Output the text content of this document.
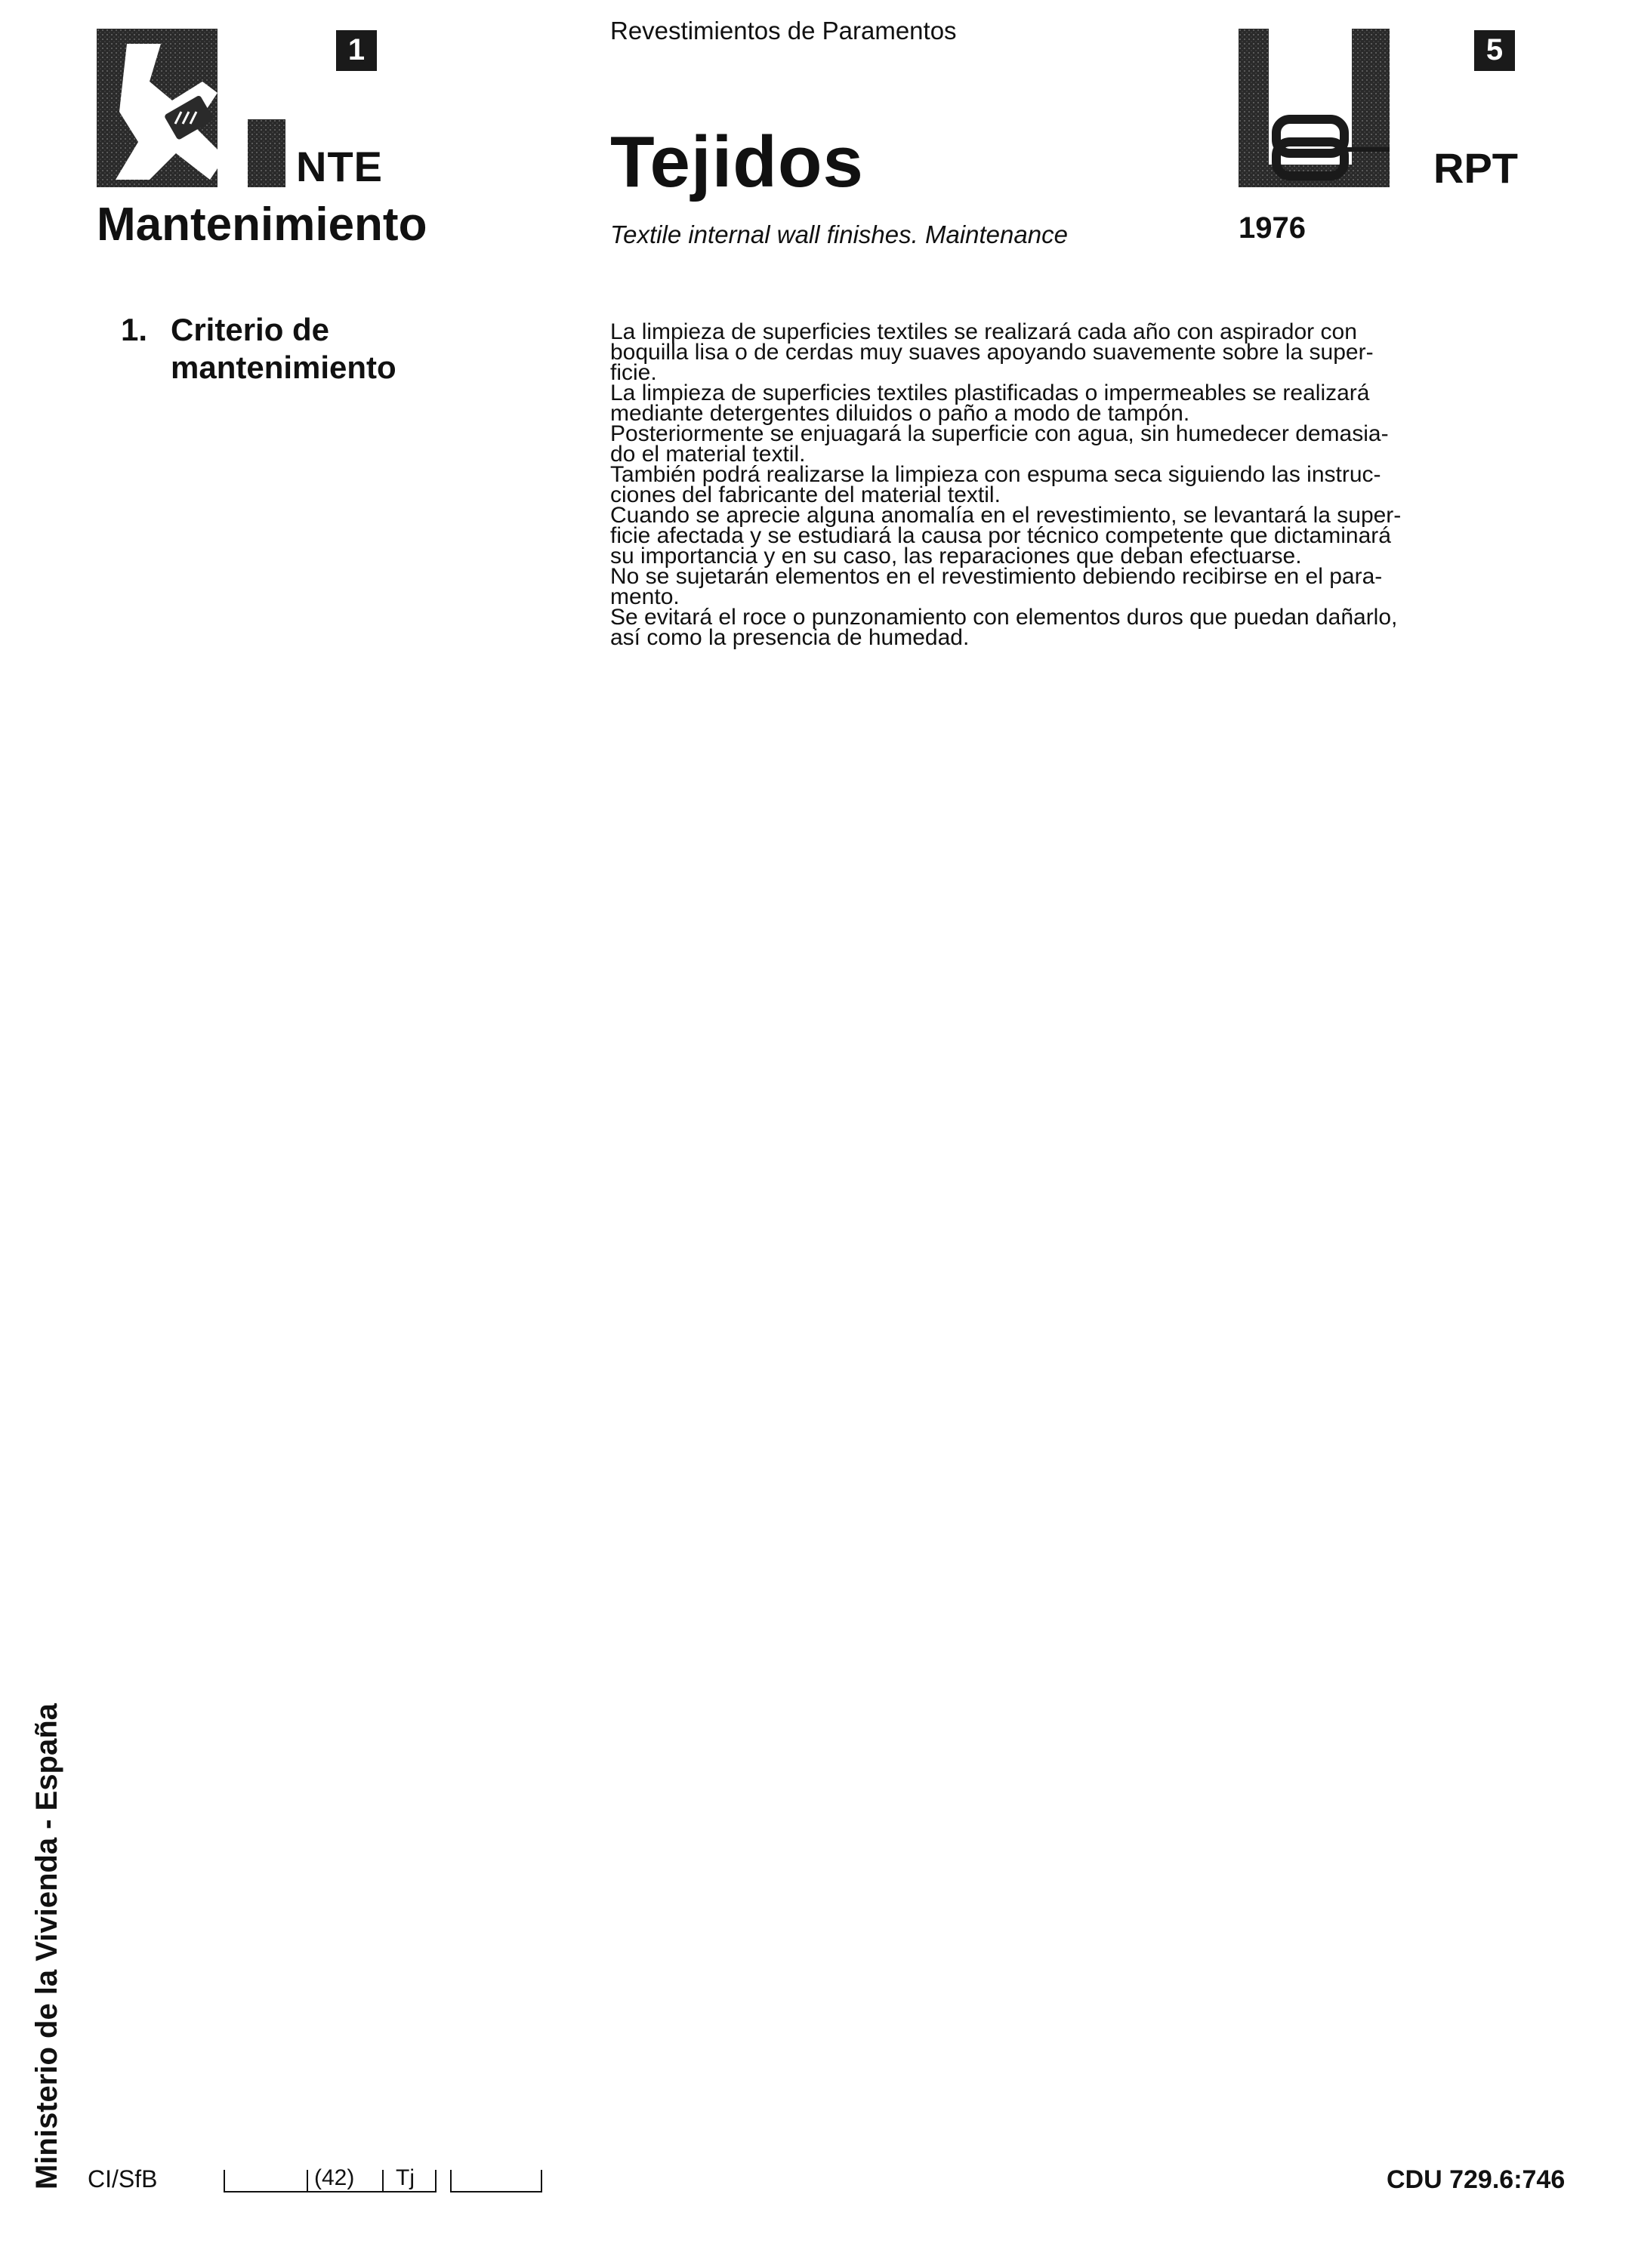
1
NTE
Mantenimiento
Revestimientos de Paramentos
Tejidos
Textile internal wall finishes. Maintenance
5
RPT
1976
1. Criterio de
mantenimiento

La limpieza de superficies textiles se realizará cada año con aspirador con

boquilla lisa o de cerdas muy suaves apoyando suavemente sobre la super-

ficie.

La limpieza de superficies textiles plastificadas o impermeables se realizará

mediante detergentes diluidos o paño a modo de tampón.

Posteriormente se enjuagará la superficie con agua, sin humedecer demasia-

do el material textil.

También podrá realizarse la limpieza con espuma seca siguiendo las instruc-

ciones del fabricante del material textil.

Cuando se aprecie alguna anomalía en el revestimiento, se levantará la super-

ficie afectada y se estudiará la causa por técnico competente que dictaminará

su importancia y en su caso, las reparaciones que deban efectuarse.

No se sujetarán elementos en el revestimiento debiendo recibirse en el para-

mento.

Se evitará el roce o punzonamiento con elementos duros que puedan dañarlo,

así como la presencia de humedad.

Ministerio de la Vivienda - España CI/SfB	(42) Tj	CDU 729.6:746
